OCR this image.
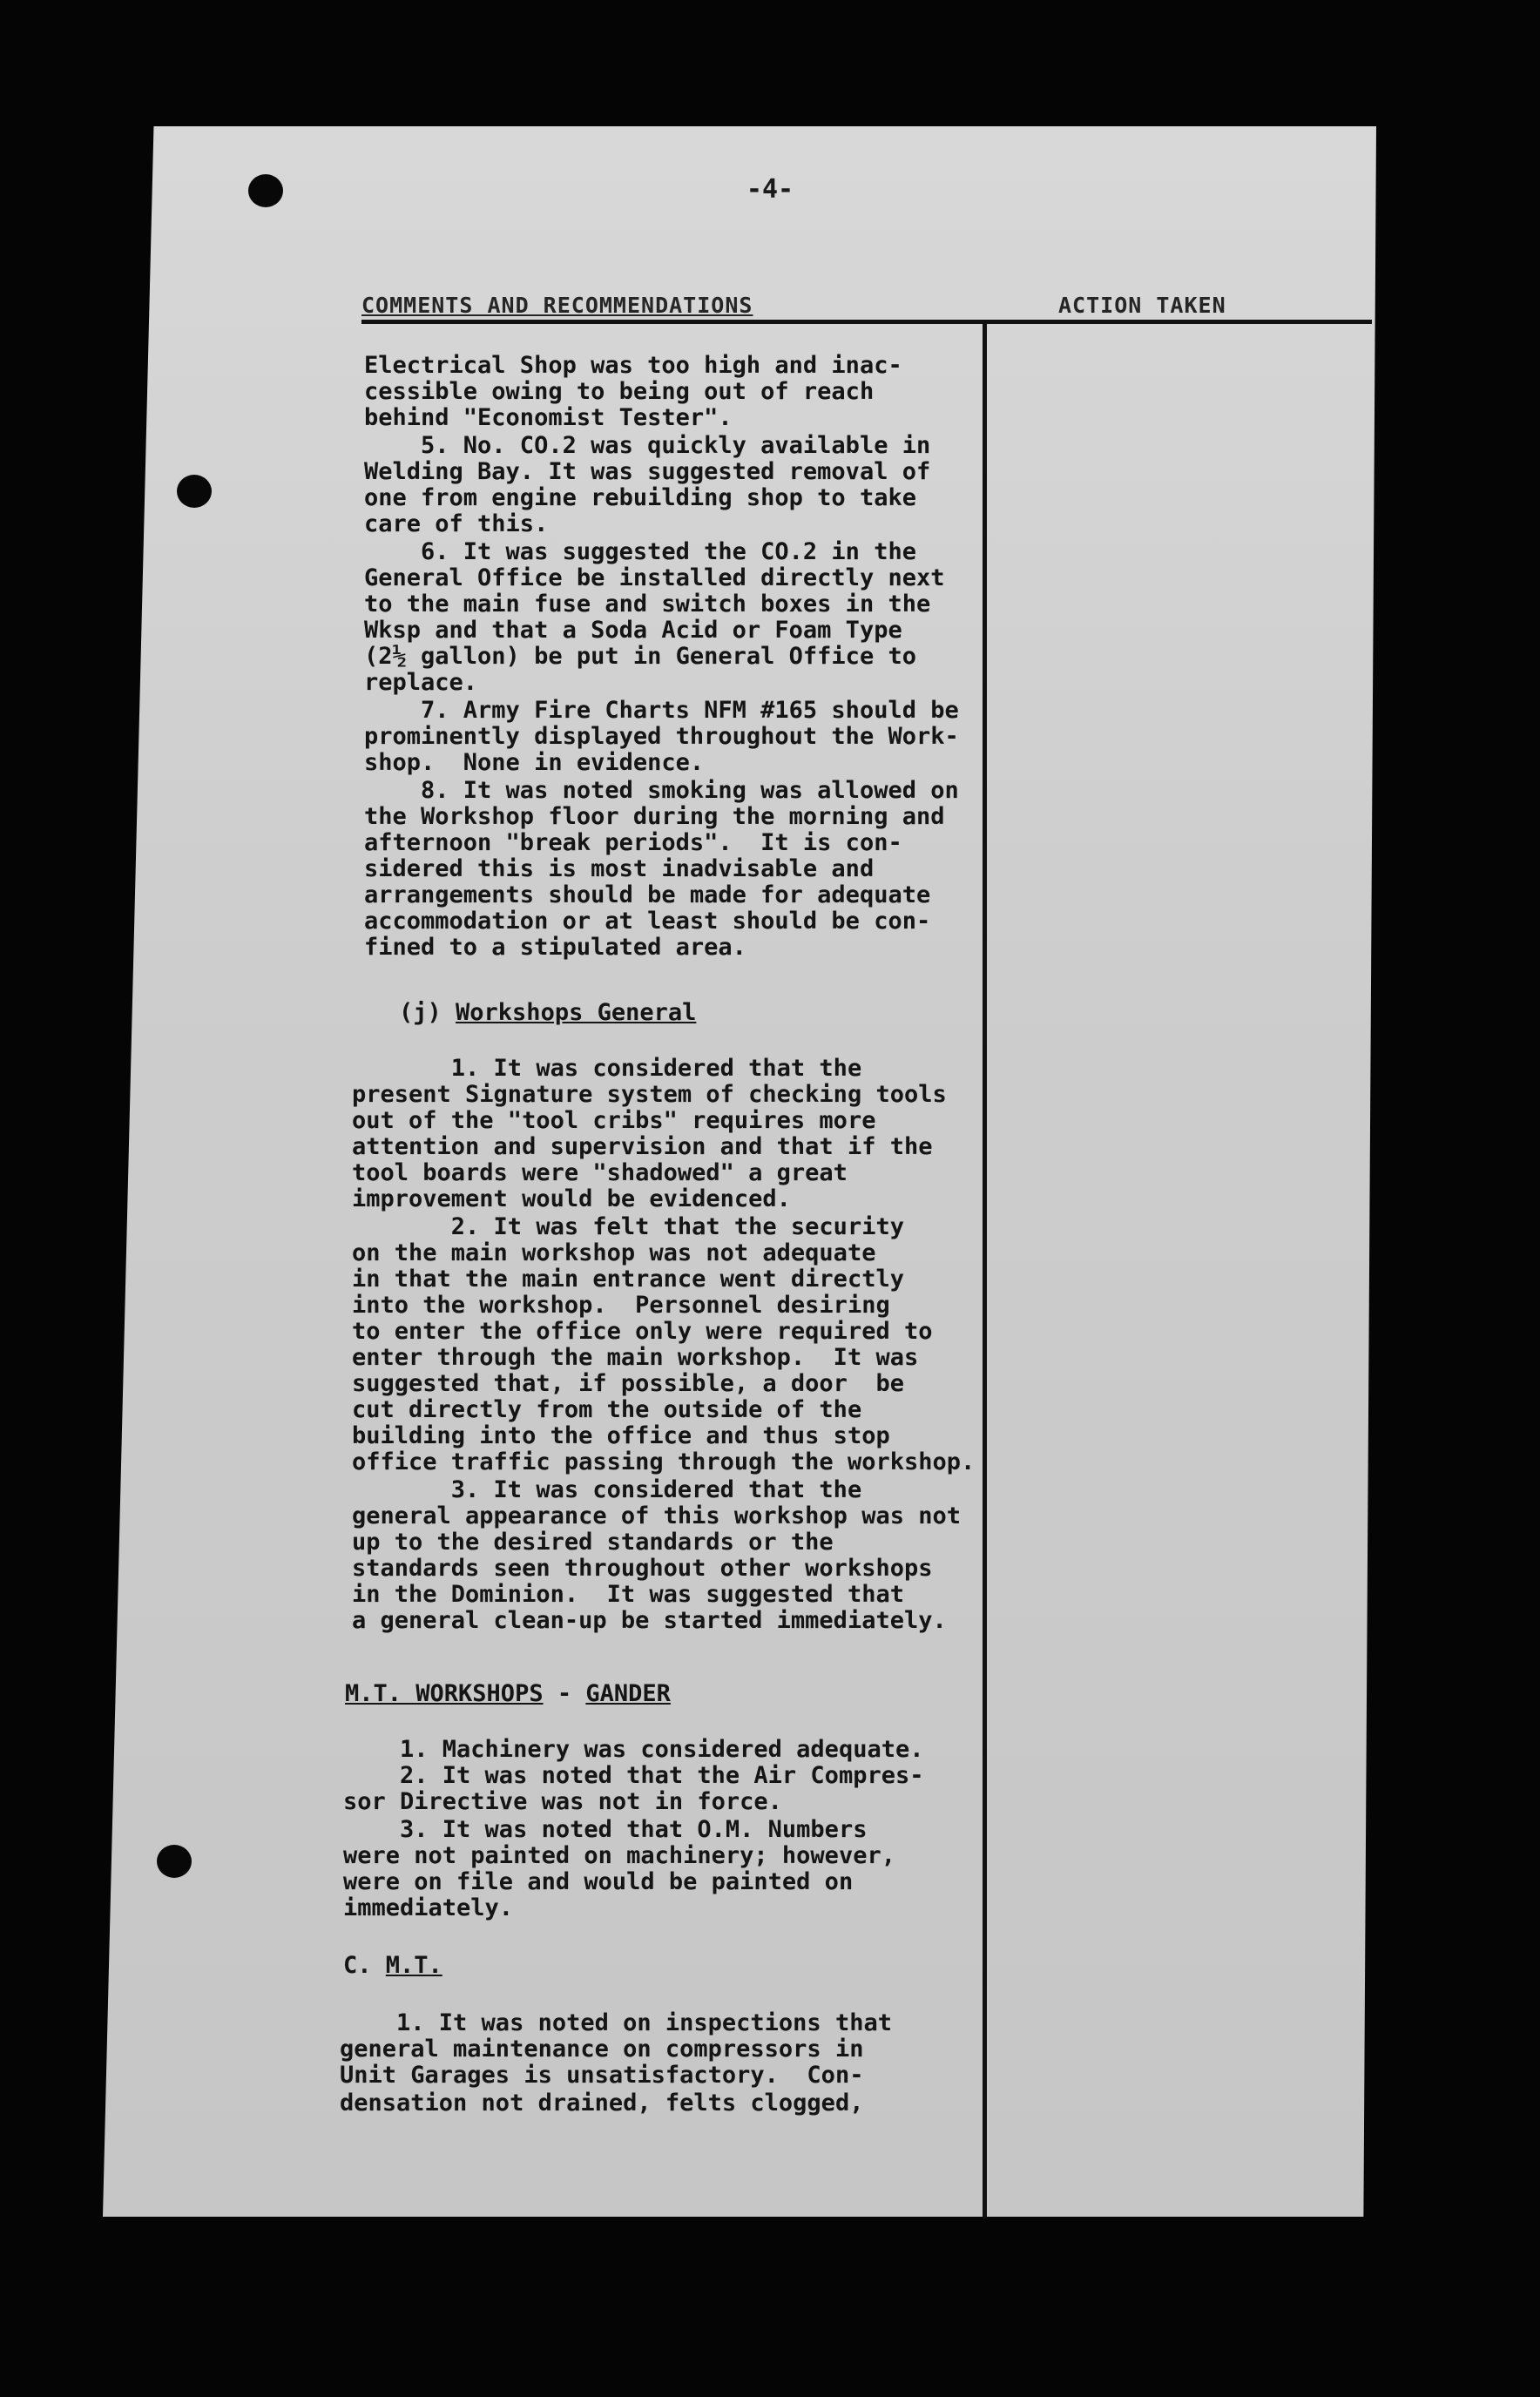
-4-
COMMENTS AND RECOMMENDATIONS	ACTION TAKEN
Electrical Shop was too high and inac-
cessible owing to being out of reach
behind "Economist Tester".
5. No. CO.2 was quickly available in
Welding Bay. It was suggested removal of
one from engine rebuilding shop to take
care of this.
6. It was suggested the CO.2 in the
General Office be installed directly next
to the main fuse and switch boxes in the
Wksp and that a Soda Acid or Foam Type
(2½ gallon) be put in General Office to
replace.
7. Army Fire Charts NFM #165 should be
prominently displayed throughout the Work-
shop.  None in evidence.
8. It was noted smoking was allowed on
the Workshop floor during the morning and
afternoon "break periods".  It is con-
sidered this is most inadvisable and
arrangements should be made for adequate
accommodation or at least should be con-
fined to a stipulated area.
(j) Workshops General
1. It was considered that the
present Signature system of checking tools
out of the "tool cribs" requires more
attention and supervision and that if the
tool boards were "shadowed" a great
improvement would be evidenced.
2. It was felt that the security
on the main workshop was not adequate
in that the main entrance went directly
into the workshop.  Personnel desiring
to enter the office only were required to
enter through the main workshop.  It was
suggested that, if possible, a door  be
cut directly from the outside of the
building into the office and thus stop
office traffic passing through the workshop.
3. It was considered that the
general appearance of this workshop was not
up to the desired standards or the
standards seen throughout other workshops
in the Dominion.  It was suggested that
a general clean-up be started immediately.
M.T. WORKSHOPS - GANDER
1. Machinery was considered adequate.
2. It was noted that the Air Compres-
sor Directive was not in force.
3. It was noted that O.M. Numbers
were not painted on machinery; however,
were on file and would be painted on
immediately.
C. M.T.
1. It was noted on inspections that
general maintenance on compressors in
Unit Garages is unsatisfactory.  Con-
densation not drained, felts clogged,
